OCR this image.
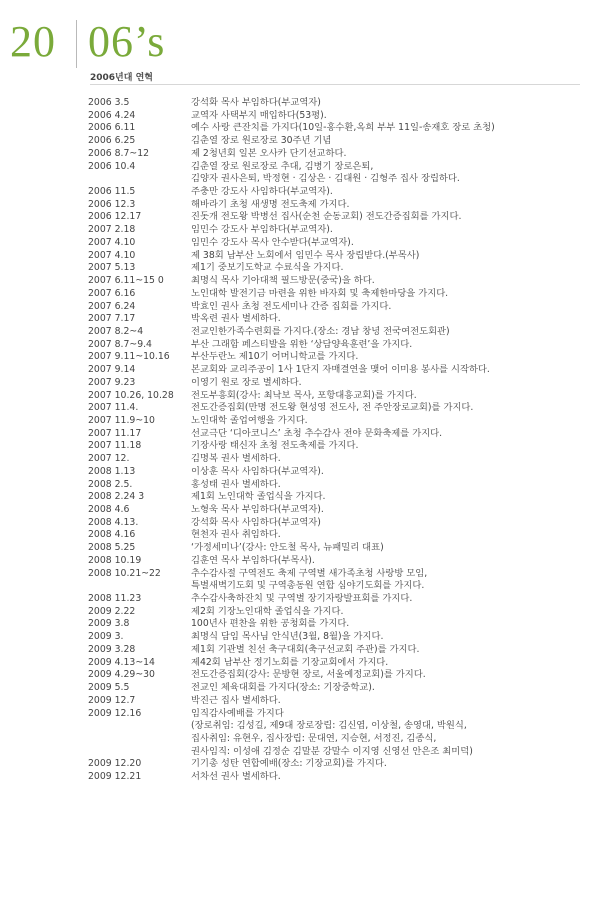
20 06’s
2006년대 연혁
2006 3.5	강석화 목사 부임하다(부교역자)
2006 4.24	교역자 사택부지 매입하다(53평).
2006 6.11	예수 사랑 큰잔치를 가지다(10일-홍수환,옥희 부부 11일-송재호 장로 초청)
2006 6.25	김춘열 장로 원로장로 30주년 기념
2006 8.7~12	제 2청년회 일본 오사카 단기선교하다.
2006 10.4	김춘열 장로 원로장로 추대, 김병기 장로은퇴,
김양자 권사은퇴, 박정현 · 김상은 · 김대원 · 김형주 집사 장립하다.
2006 11.5	주충만 강도사 사임하다(부교역자).
2006 12.3	해바라기 초청 새생명 전도축제 가지다.
2006 12.17	진돗개 전도왕 박병선 집사(순천 순동교회) 전도간증집회를 가지다.
2007 2.18	임민수 강도사 부임하다(부교역자).
2007 4.10	임민수 강도사 목사 안수받다(부교역자).
2007 4.10	제 38회 남부산 노회에서 임민수 목사 장립받다.(부목사)
2007 5.13	제1기 중보기도학교 수료식을 가지다.
2007 6.11~15 0	최명식 목사 기아대책 필드방문(중국)을 하다.
2007 6.16	노인대학 발전기금 마련을 위한 바자회 및 축제한마당을 가지다.
2007 6.24	박효인 권사 초청 전도세미나 간증 집회를 가지다.
2007 7.17	박옥련 권사 별세하다.
2007 8.2~4	전교인한가족수련회를 가지다.(장소: 경남 창녕 전국여전도회관)
2007 8.7~9.4	부산 그래함 페스티발을 위한 ‘상담양육훈련’을 가지다.
2007 9.11~10.16	부산두란노 제10기 어머니학교를 가지다.
2007 9.14	본교회와 교리주공이 1사 1단지 자매결연을 맺어 이미용 봉사를 시작하다.
2007 9.23	이영기 원로 장로 별세하다.
2007 10.26, 10.28	전도부흥회(강사: 최낙보 목사, 포항대흥교회)를 가지다.
2007 11.4.	전도간증집회(만명 전도왕 현성영 전도사, 전 주안장로교회)를 가지다.
2007 11.9~10	노인대학 졸업여행을 가지다.
2007 11.17	선교극단 ‘디아코니스’ 초청 추수감사 전야 문화축제를 가지다.
2007 11.18	기장사랑 태신자 초청 전도축제를 가지다.
2007 12.	김명복 권사 별세하다.
2008 1.13	이상훈 목사 사임하다(부교역자).
2008 2.5.	홍성태 권사 별세하다.
2008 2.24 3	제1회 노인대학 졸업식을 가지다.
2008 4.6	노형욱 목사 부임하다(부교역자).
2008 4.13.	강석화 목사 사임하다(부교역자)
2008 4.16	현천자 권사 취임하다.
2008 5.25	‘가정세미나’(강사: 안도철 목사, 뉴패밀리 대표)
2008 10.19	김훈연 목사 부임하다(부목사).
2008 10.21~22	추수감사절 구역전도 축제 구역별 새가족초청 사랑방 모임,
특별새벽기도회 및 구역총동원 연합 심야기도회를 가지다.
2008 11.23	추수감사축하잔치 및 구역별 장기자랑발표회를 가지다.
2009 2.22	제2회 기장노인대학 졸업식을 가지다.
2009 3.8	100년사 편찬을 위한 공청회를 가지다.
2009 3.	최명식 담임 목사님 안식년(3월, 8월)을 가지다.
2009 3.28	제1회 기관별 친선 축구대회(축구선교회 주관)를 가지다.
2009 4.13~14	제42회 남부산 정기노회를 기장교회에서 가지다.
2009 4.29~30	전도간증집회(강사: 문방현 장로, 서울예정교회)를 가지다.
2009 5.5	전교인 체육대회를 가지다(장소: 기장중학교).
2009 12.7	박진근 집사 별세하다.
2009 12.16	임직감사예배를 가지다
(장로취임: 김성길, 제9대 장로장립: 김신엽, 이상철, 송영대, 박원식,
집사취임: 유현우, 집사장립: 문대연, 지승현, 서정진, 김종식,
권사임직: 이성애 김정순 김말분 강말수 이지영 신영선 안은조 최미덕)
2009 12.20	기기총 성탄 연합예배(장소: 기장교회)를 가지다.
2009 12.21	서차선 권사 별세하다.
